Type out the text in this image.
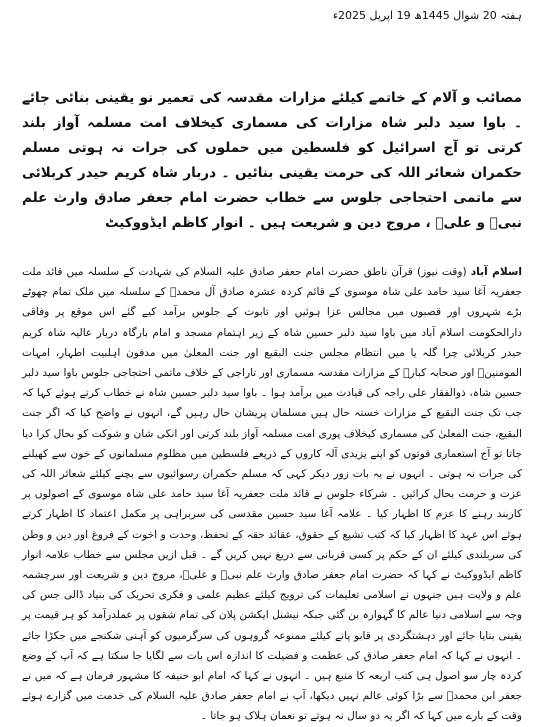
ہفتہ 20 شوال 1445ھ 19 اپریل 2025ء
مصائب و آلام کے خاتمے کیلئے مزارات مقدسہ کی تعمیر نو یقینی بنائی جائے ۔ باوا سید دلبر شاہ مزارات کی مسماری کیخلاف امت مسلمہ آواز بلند کرتی تو آج اسرائیل کو فلسطین میں حملوں کی جرات نہ ہوتی مسلم حکمران شعائر اللہ کی حرمت یقینی بنائیں ۔ دربار شاہ کریم حیدر کربلائی سے ماتمی احتجاجی جلوس سے خطاب حضرت امام جعفر صادق وارث علم نبیؐ و علیؑ ، مروج دین و شریعت ہیں ۔ انوار کاظم ایڈووکیٹ
اسلام آباد (وقت نیوز) قرآن ناطق حضرت امام جعفر صادق علیہ السلام کی شہادت کے سلسلہ میں قائد ملت جعفریہ آغا سید حامد علی شاہ موسوی کے قائم کردہ عشرہ صادق آل محمدؐ کے سلسلہ میں ملک تمام چھوٹے بڑے شہروں اور قصبوں میں مجالس عزا ہوئیں اور تابوت کے جلوس برآمد کیے گئے اس موقع پر وفاقی دارالحکومت اسلام آباد میں باوا سید دلبر حسین شاہ کے زیر اہتمام مسجد و امام بارگاہ دربار عالیہ شاہ کریم حیدر کربلائی چرا گلہ یا میں انتظام مجلس جنت البقیع اور جنت المعلیٰ میں مدفون اہلبیت اطہار، امہات المومنینؓ اور صحابہ کبارؓ کے مزارات مقدسہ مسماری اور تاراجی کے خلاف ماتمی احتجاجی جلوس باوا سید دلبر حسین شاہ، ذوالفقار علی راجہ کی قیادت میں برآمد ہوا ۔ باوا سید دلبر حسین شاہ نے خطاب کرتے ہوئے کہا کہ جب تک جنت البقیع کے مزارات خستہ حال ہیں مسلمان پریشان حال رہیں گے، انہوں نے واضح کیا کہ اگر جنت البقیع، جنت المعلیٰ کی مسماری کیخلاف پوری امت مسلمہ آواز بلند کرتی اور انکی شان و شوکت کو بحال کرا دیا جاتا تو آج استعماری قوتوں کو اپنے یزیدی آلہ کاروں کے ذریعے فلسطین میں مظلوم مسلمانوں کے خون سے کھیلنے کی جرات نہ ہوتی ۔ انہوں نے یہ بات زور دیکر کہی کہ مسلم حکمران رسوائیوں سے بچنے کیلئے شعائر اللہ کی عزت و حرمت بحال کرائیں ۔ شرکاء جلوس نے قائد ملت جعفریہ آغا سید حامد علی شاہ موسوی کے اصولوں پر کاربند رہنے کا عزم کا اظہار کیا ۔ علامہ آغا سید حسین مقدسی کی سربراہی پر مکمل اعتماد کا اظہار کرتے ہوئے اس عہد کا اظہار کیا کہ کتب تشیع کے حقوق، عقائد حقہ کے تحفظ، وحدت و اخوت کے فروغ اور دین و وطن کی سربلندی کیلئے ان کے حکم پر کسی قربانی سے دریغ نہیں کریں گے ۔ قبل ازیں مجلس سے خطاب علامہ انوار کاظم ایڈووکیٹ نے کہا کہ حضرت امام جعفر صادق وارث علم نبیؐ و علیؑ، مروج دین و شریعت اور سرچشمہ علم و ولایت ہیں جنہوں نے اسلامی تعلیمات کی ترویج کیلئے عظیم علمی و فکری تحریک کی بنیاد ڈالی جس کی وجہ سے اسلامی دنیا عالم کا گہوارہ بن گئی جبکہ نیشنل ایکشن پلان کی تمام شقوں پر عملدرآمد کو ہر قیمت پر یقینی بنایا جائے اور دہشتگردی پر قابو پانے کیلئے ممنوعہ گروہوں کی سرگرمیوں کو آہنی شکنجے میں جکڑا جائے ۔ انہوں نے کہا کہ امام جعفر صادق کی عظمت و فضیلت کا اندازہ اس بات سے لگایا جا سکتا ہے کہ آپ کے وضع کردہ چار سو اصول ہی کتب اربعہ کا منبع ہیں ۔ انہوں نے کہا کہ امام ابو حنیفہ کا مشہور فرمان ہے کہ میں نے جعفر ابن محمدؑ سے بڑا کوئی عالم نہیں دیکھا، آپ نے امام جعفر صادق علیہ السلام کی خدمت میں گزارے ہوئے وقت کے بارے میں کہا کہ اگر یہ دو سال نہ ہوتے تو نعمان ہلاک ہو جاتا ۔
